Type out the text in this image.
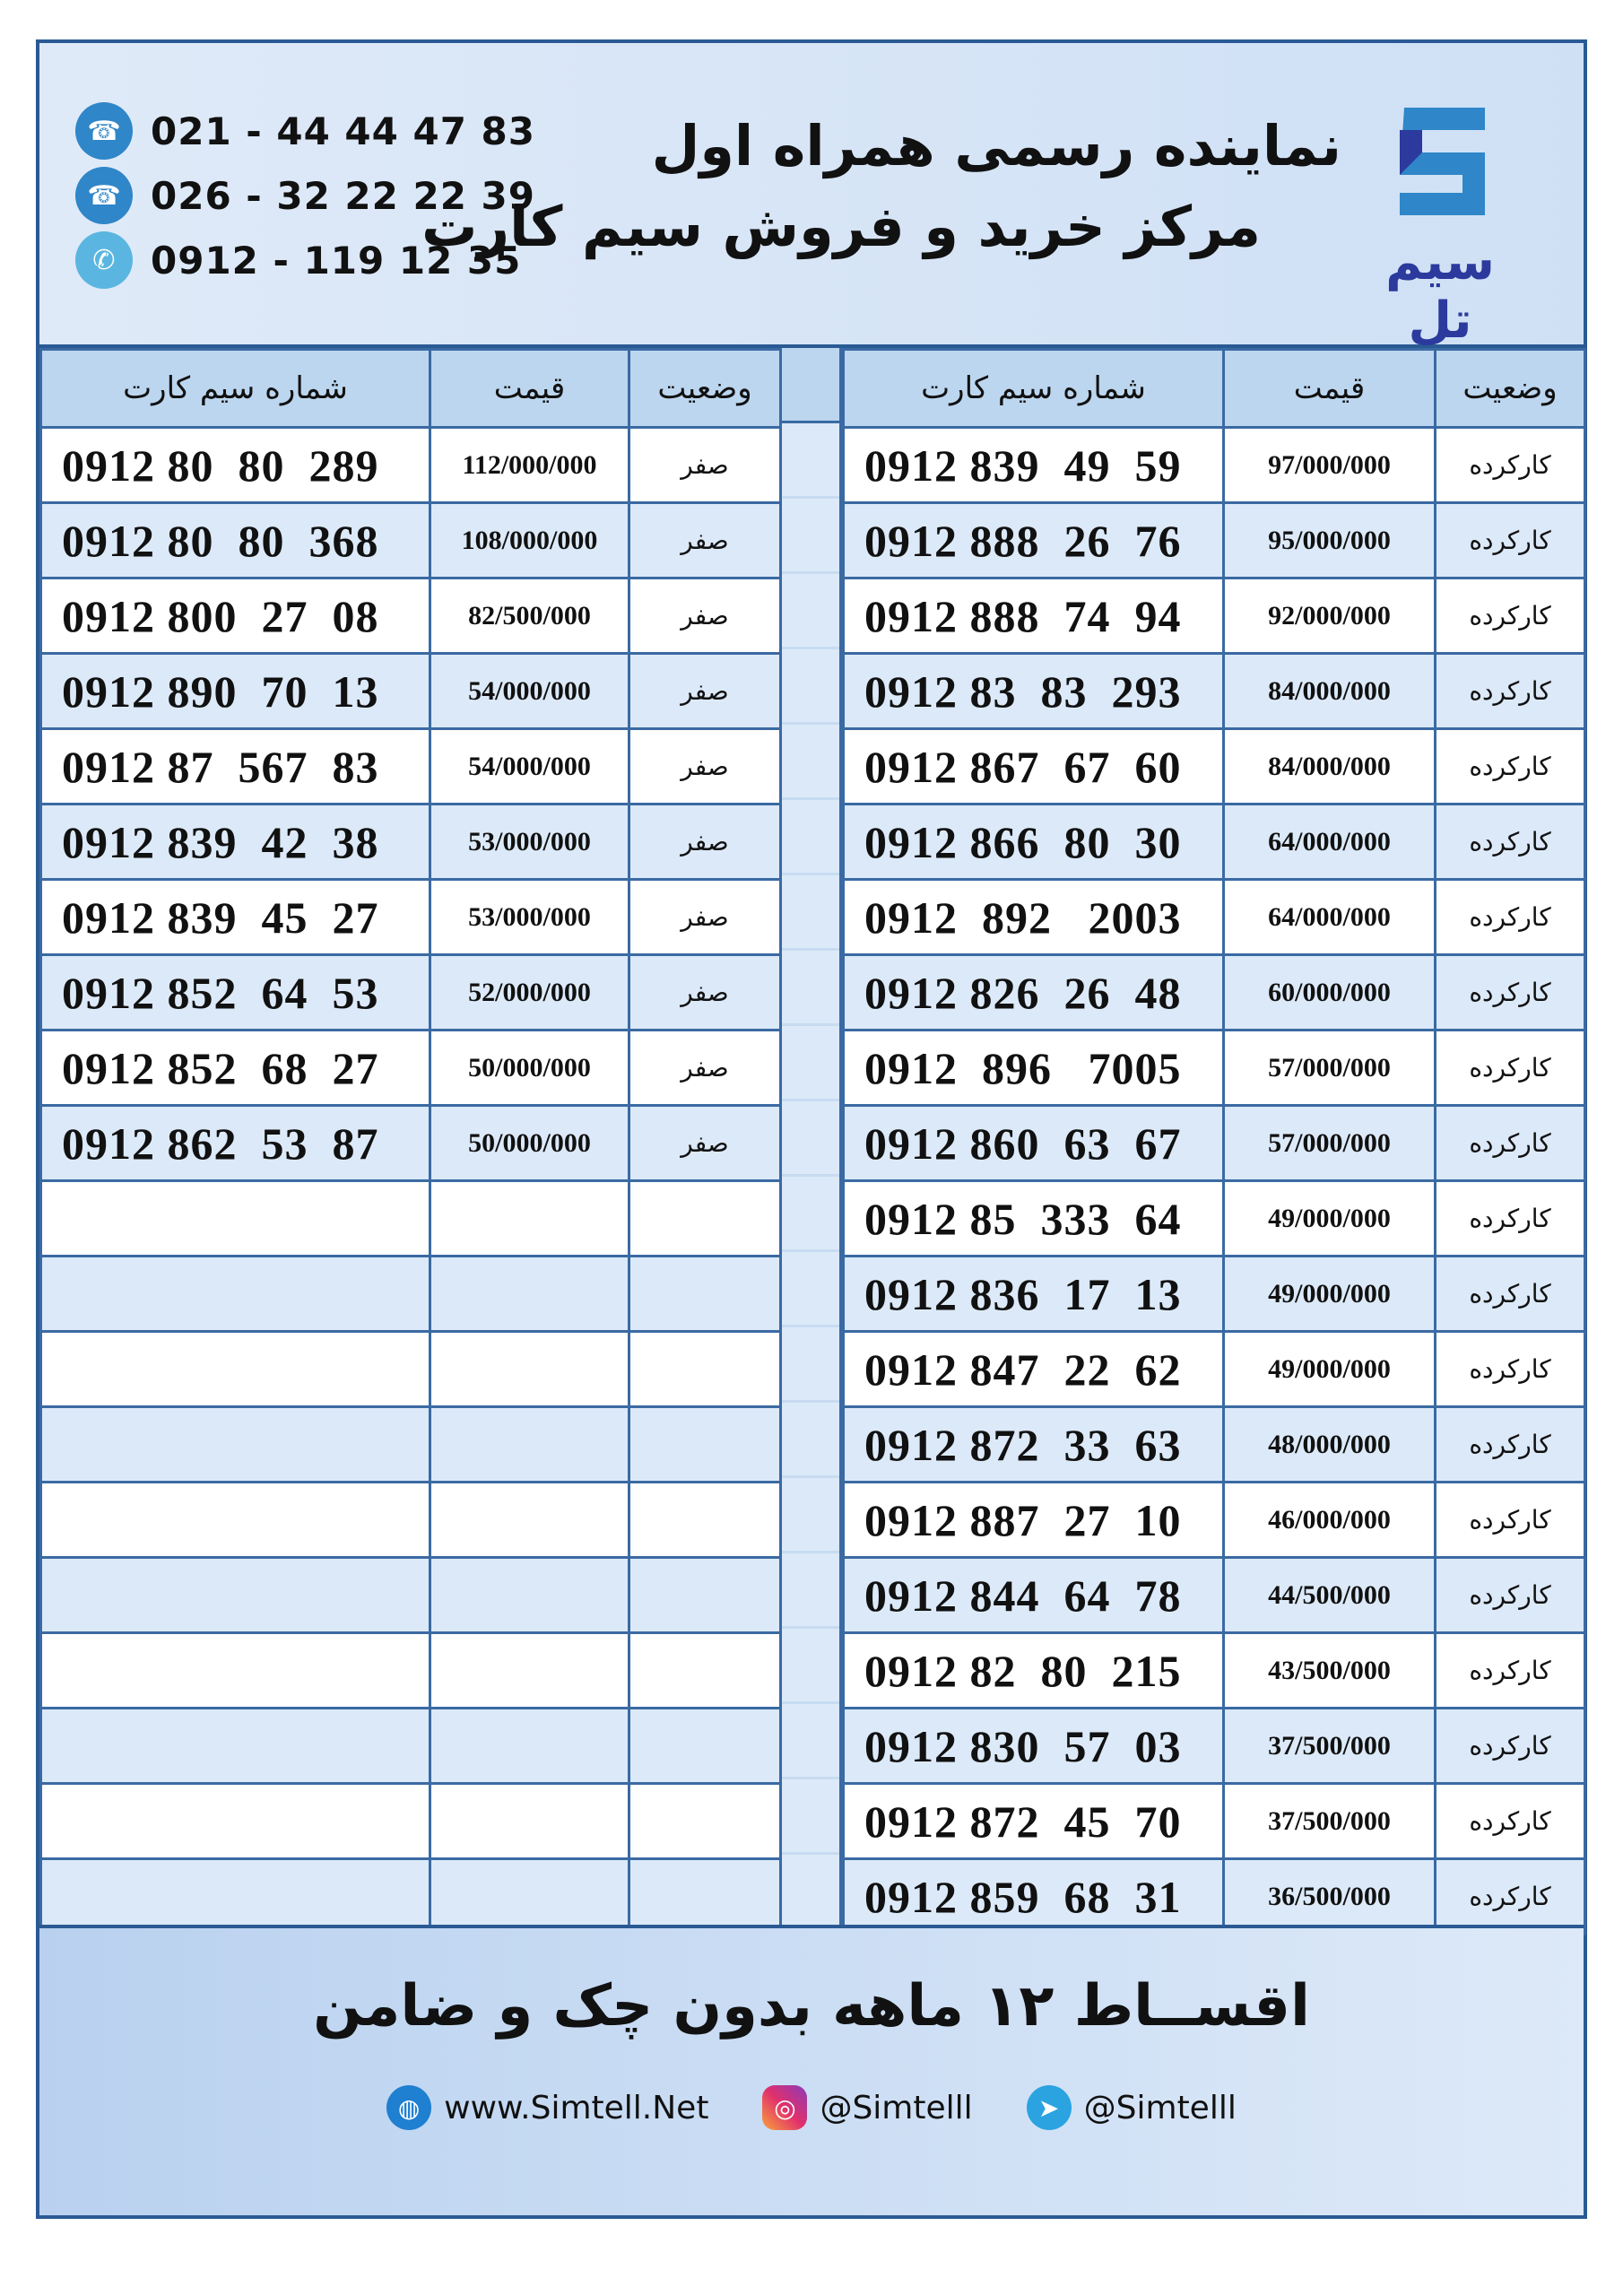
☎ 021 - 44 44 47 83
☎ 026 - 32 22 22 39
✆ 0912 - 119 12 35
نماینده رسمی همراه اول
مرکز خرید و فروش سیم کارت
سیم تل
شماره سیم کارت	قیمت	وضعیت
0912 80  80  289	112/000/000	صفر
0912 80  80  368	108/000/000	صفر
0912 800  27  08	82/500/000	صفر
0912 890  70  13	54/000/000	صفر
0912 87  567  83	54/000/000	صفر
0912 839  42  38	53/000/000	صفر
0912 839  45  27	53/000/000	صفر
0912 852  64  53	52/000/000	صفر
0912 852  68  27	50/000/000	صفر
0912 862  53  87	50/000/000	صفر

شماره سیم کارت	قیمت	وضعیت
0912 839  49  59	97/000/000	کارکرده
0912 888  26  76	95/000/000	کارکرده
0912 888  74  94	92/000/000	کارکرده
0912 83  83  293	84/000/000	کارکرده
0912 867  67  60	84/000/000	کارکرده
0912 866  80  30	64/000/000	کارکرده
0912  892   2003	64/000/000	کارکرده
0912 826  26  48	60/000/000	کارکرده
0912  896   7005	57/000/000	کارکرده
0912 860  63  67	57/000/000	کارکرده
0912 85  333  64	49/000/000	کارکرده
0912 836  17  13	49/000/000	کارکرده
0912 847  22  62	49/000/000	کارکرده
0912 872  33  63	48/000/000	کارکرده
0912 887  27  10	46/000/000	کارکرده
0912 844  64  78	44/500/000	کارکرده
0912 82  80  215	43/500/000	کارکرده
0912 830  57  03	37/500/000	کارکرده
0912 872  45  70	37/500/000	کارکرده
0912 859  68  31	36/500/000	کارکرده
اقســاط ۱۲ ماهه بدون چک و ضامن
◍ www.Simtell.Net	◎ @Simtelll	➤ @Simtelll
